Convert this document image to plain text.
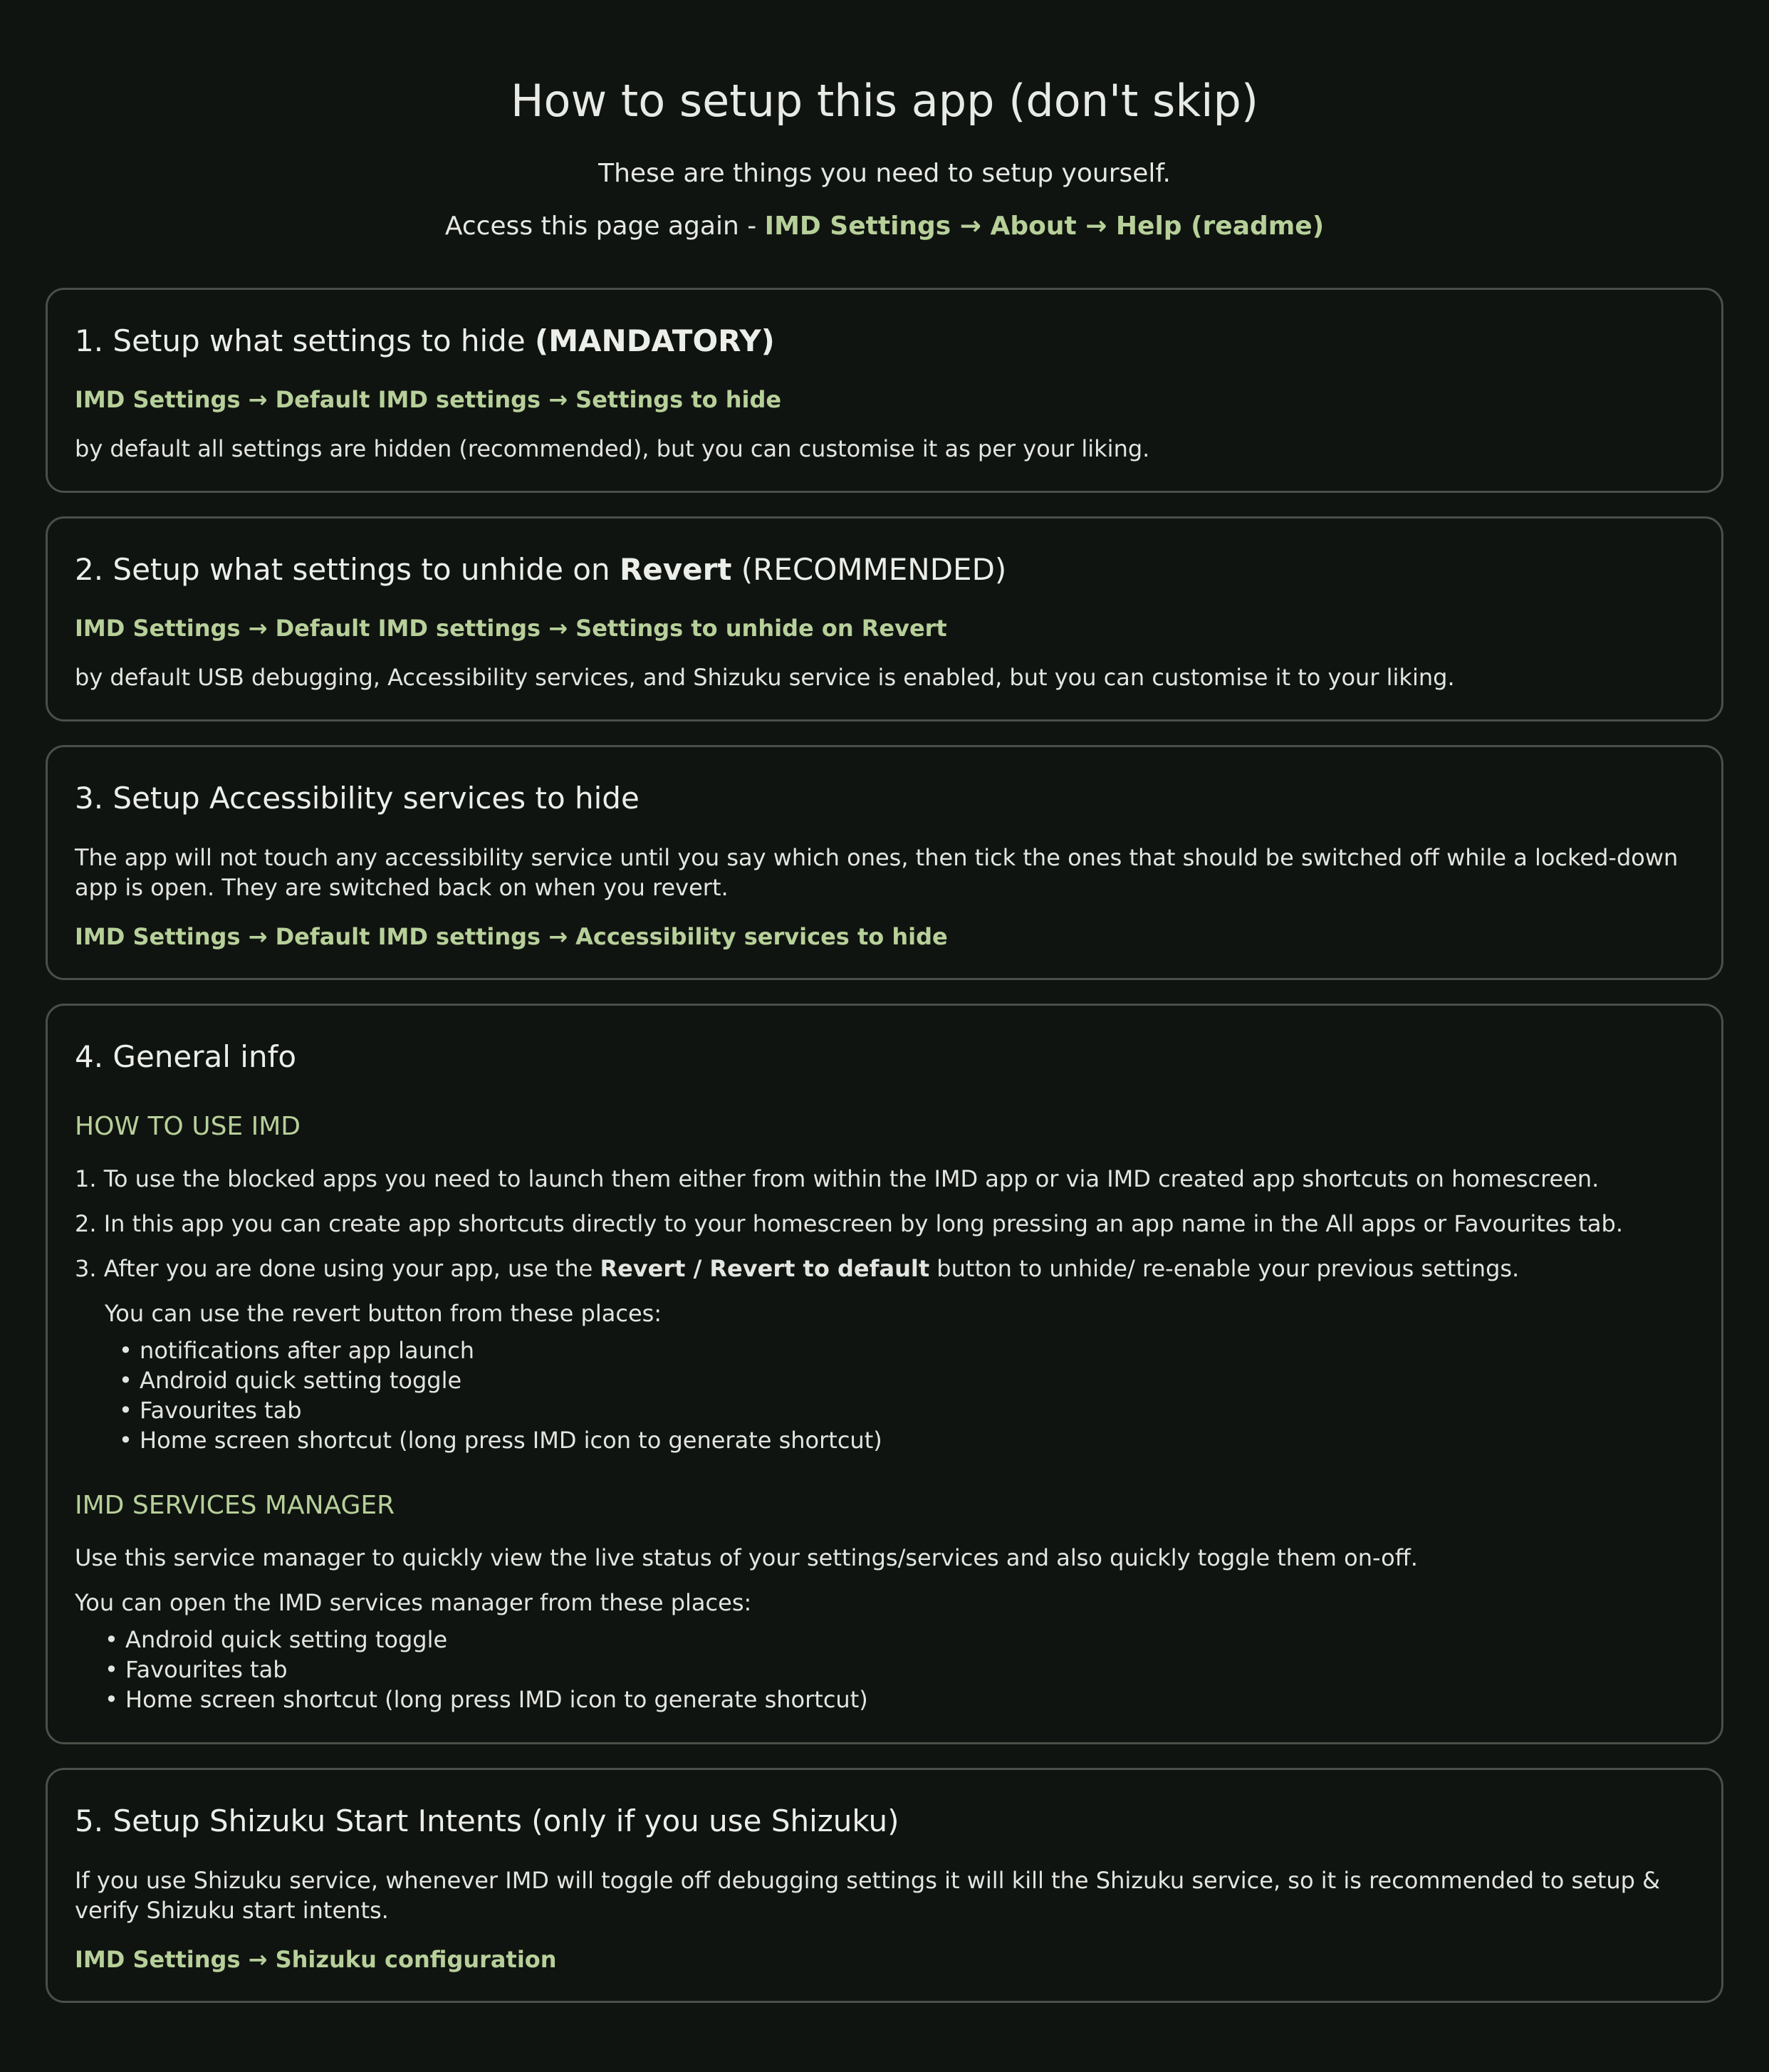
How to setup this app (don't skip)
These are things you need to setup yourself.
Access this page again - IMD Settings → About → Help (readme)
1. Setup what settings to hide (MANDATORY)
IMD Settings → Default IMD settings → Settings to hide
by default all settings are hidden (recommended), but you can customise it as per your liking.
2. Setup what settings to unhide on Revert (RECOMMENDED)
IMD Settings → Default IMD settings → Settings to unhide on Revert
by default USB debugging, Accessibility services, and Shizuku service is enabled, but you can customise it to your liking.
3. Setup Accessibility services to hide
The app will not touch any accessibility service until you say which ones, then tick the ones that should be switched off while a locked-down app is open. They are switched back on when you revert.
IMD Settings → Default IMD settings → Accessibility services to hide
4. General info
HOW TO USE IMD
1. To use the blocked apps you need to launch them either from within the IMD app or via IMD created app shortcuts on homescreen.
2. In this app you can create app shortcuts directly to your homescreen by long pressing an app name in the All apps or Favourites tab.
3. After you are done using your app, use the Revert / Revert to default button to unhide/ re-enable your previous settings.
You can use the revert button from these places:
• notifications after app launch
• Android quick setting toggle
• Favourites tab
• Home screen shortcut (long press IMD icon to generate shortcut)
IMD SERVICES MANAGER
Use this service manager to quickly view the live status of your settings/services and also quickly toggle them on-off.
You can open the IMD services manager from these places:
• Android quick setting toggle
• Favourites tab
• Home screen shortcut (long press IMD icon to generate shortcut)
5. Setup Shizuku Start Intents (only if you use Shizuku)
If you use Shizuku service, whenever IMD will toggle off debugging settings it will kill the Shizuku service, so it is recommended to setup & verify Shizuku start intents.
IMD Settings → Shizuku configuration
